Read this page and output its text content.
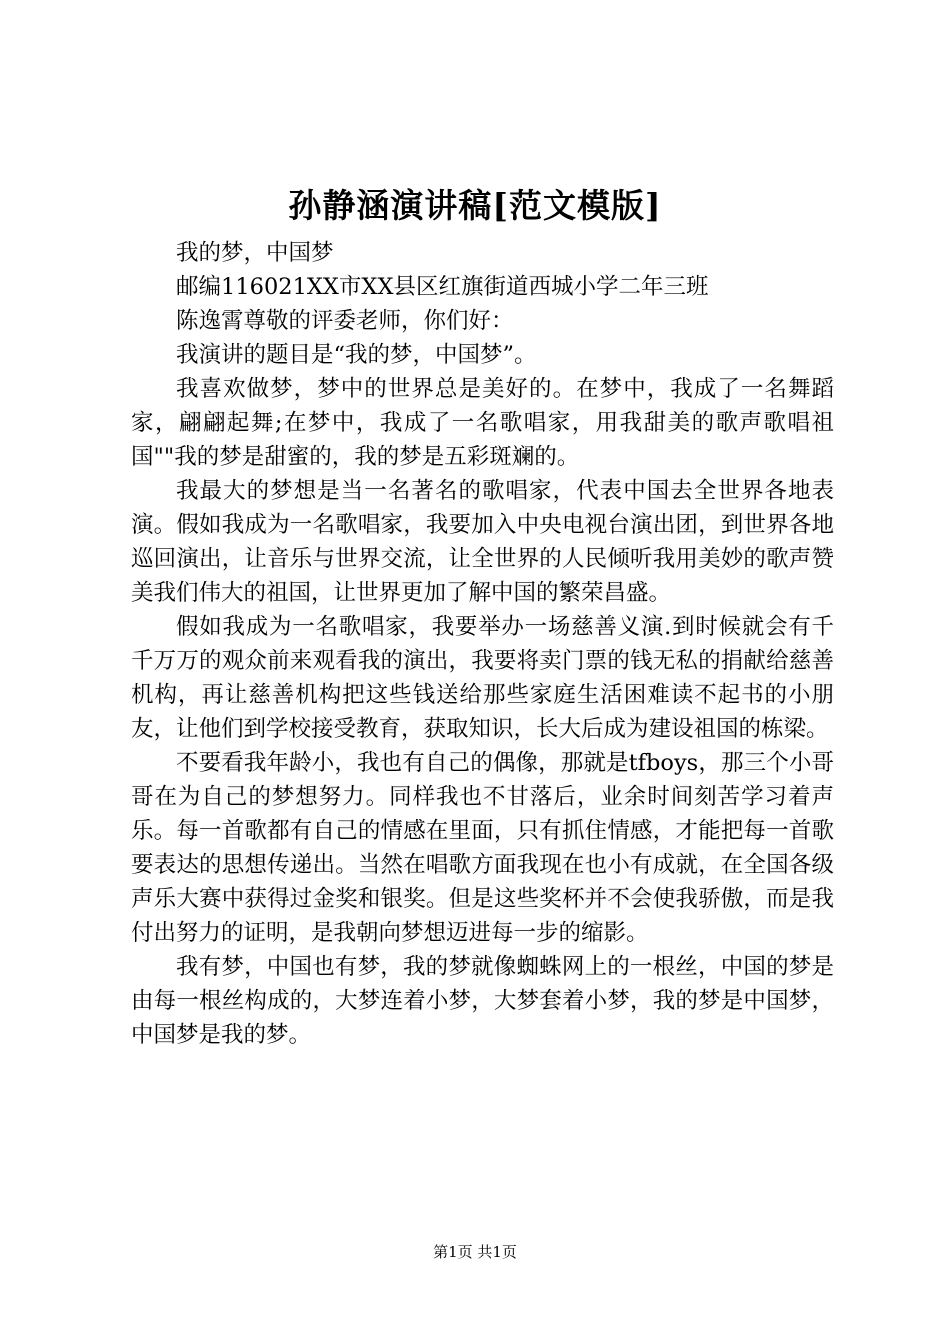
孙静涵演讲稿[范文模版]

我的梦，中国梦

邮编116021XX市XX县区红旗街道西城小学二年三班

陈逸霄尊敬的评委老师，你们好：

我演讲的题目是“我的梦，中国梦”。

我喜欢做梦，梦中的世界总是美好的。在梦中，我成了一名舞蹈家，翩翩起舞;在梦中，我成了一名歌唱家，用我甜美的歌声歌唱祖国""我的梦是甜蜜的，我的梦是五彩斑斓的。

我最大的梦想是当一名著名的歌唱家，代表中国去全世界各地表演。假如我成为一名歌唱家，我要加入中央电视台演出团，到世界各地巡回演出，让音乐与世界交流，让全世界的人民倾听我用美妙的歌声赞美我们伟大的祖国，让世界更加了解中国的繁荣昌盛。

假如我成为一名歌唱家，我要举办一场慈善义演.到时候就会有千千万万的观众前来观看我的演出，我要将卖门票的钱无私的捐献给慈善机构，再让慈善机构把这些钱送给那些家庭生活困难读不起书的小朋友，让他们到学校接受教育，获取知识，长大后成为建设祖国的栋梁。

不要看我年龄小，我也有自己的偶像，那就是tfboys，那三个小哥哥在为自己的梦想努力。同样我也不甘落后，业余时间刻苦学习着声乐。每一首歌都有自己的情感在里面，只有抓住情感，才能把每一首歌要表达的思想传递出。当然在唱歌方面我现在也小有成就，在全国各级声乐大赛中获得过金奖和银奖。但是这些奖杯并不会使我骄傲，而是我付出努力的证明，是我朝向梦想迈进每一步的缩影。

我有梦，中国也有梦，我的梦就像蜘蛛网上的一根丝，中国的梦是由每一根丝构成的，大梦连着小梦，大梦套着小梦，我的梦是中国梦，中国梦是我的梦。

第1页 共1页
